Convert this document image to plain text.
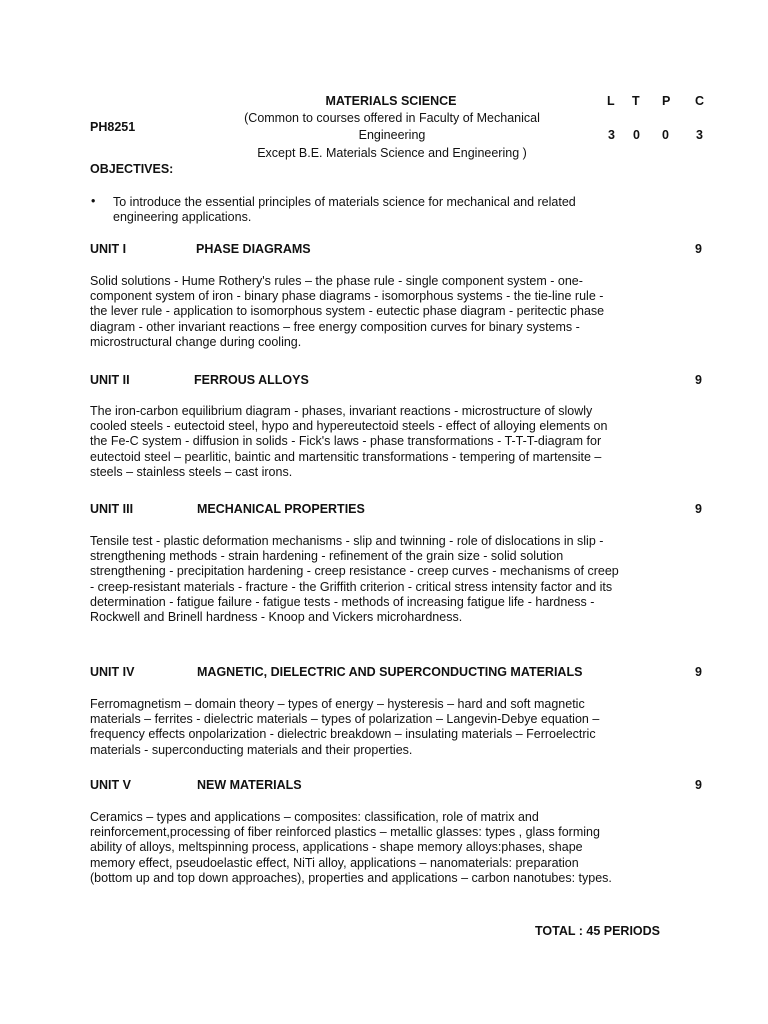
PH8251
MATERIALS SCIENCE
(Common to courses offered in Faculty of Mechanical
Engineering
Except B.E. Materials Science and Engineering )
L T P C
3 0 0 3
OBJECTIVES:
• To introduce the essential principles of materials science for mechanical and related
engineering applications.
UNIT I	PHASE DIAGRAMS	9
Solid solutions - Hume Rothery's rules – the phase rule - single component system - one-
component system of iron - binary phase diagrams - isomorphous systems - the tie-line rule -
the lever rule - application to isomorphous system - eutectic phase diagram - peritectic phase
diagram - other invariant reactions – free energy composition curves for binary systems -
microstructural change during cooling.
UNIT II	FERROUS ALLOYS	9
The iron-carbon equilibrium diagram - phases, invariant reactions - microstructure of slowly
cooled steels - eutectoid steel, hypo and hypereutectoid steels - effect of alloying elements on
the Fe-C system - diffusion in solids - Fick's laws - phase transformations - T-T-T-diagram for
eutectoid steel – pearlitic, baintic and martensitic transformations - tempering of martensite –
steels – stainless steels – cast irons.
UNIT III	MECHANICAL PROPERTIES	9
Tensile test - plastic deformation mechanisms - slip and twinning - role of dislocations in slip -
strengthening methods - strain hardening - refinement of the grain size - solid solution
strengthening - precipitation hardening - creep resistance - creep curves - mechanisms of creep
- creep-resistant materials - fracture - the Griffith criterion - critical stress intensity factor and its
determination - fatigue failure - fatigue tests - methods of increasing fatigue life - hardness -
Rockwell and Brinell hardness - Knoop and Vickers microhardness.
UNIT IV	MAGNETIC, DIELECTRIC AND SUPERCONDUCTING MATERIALS	9
Ferromagnetism – domain theory – types of energy – hysteresis – hard and soft magnetic
materials – ferrites - dielectric materials – types of polarization – Langevin-Debye equation –
frequency effects onpolarization - dielectric breakdown – insulating materials – Ferroelectric
materials - superconducting materials and their properties.
UNIT V	NEW MATERIALS	9
Ceramics – types and applications – composites: classification, role of matrix and
reinforcement,processing of fiber reinforced plastics – metallic glasses: types , glass forming
ability of alloys, meltspinning process, applications - shape memory alloys:phases, shape
memory effect, pseudoelastic effect, NiTi alloy, applications – nanomaterials: preparation
(bottom up and top down approaches), properties and applications – carbon nanotubes: types.
TOTAL : 45 PERIODS
